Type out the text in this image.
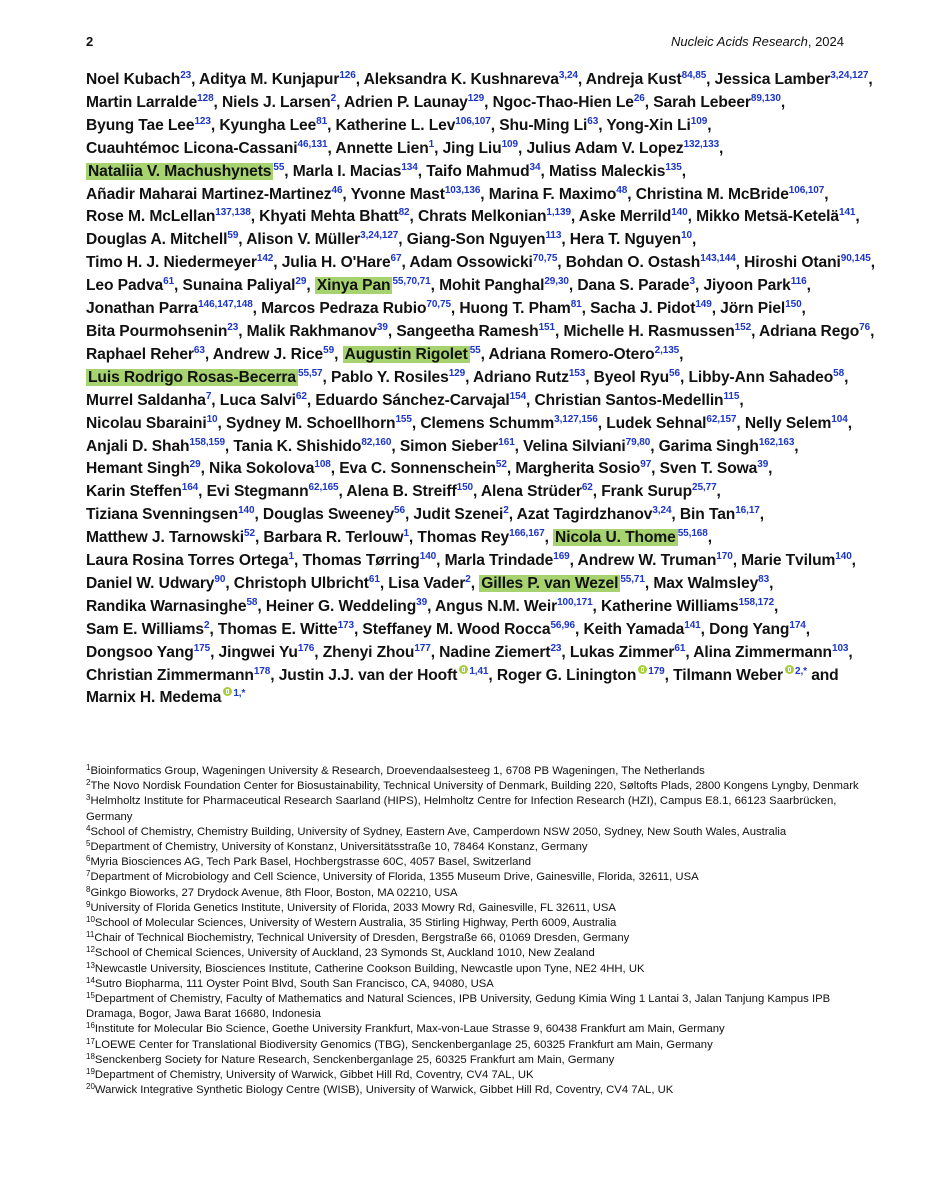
2	Nucleic Acids Research, 2024
Noel Kubach$^{23}$, Aditya M. Kunjapur$^{126}$, Aleksandra K. Kushnareva$^{3,24}$, Andreja Kust$^{84,85}$, Jessica Lamber$^{3,24,127}$, Martin Larralde$^{128}$, Niels J. Larsen$^2$, Adrien P. Launay$^{129}$, Ngoc-Thao-Hien Le$^{26}$, Sarah Lebeer$^{89,130}$, Byung Tae Lee$^{123}$, Kyungha Lee$^{81}$, Katherine L. Lev$^{106,107}$, Shu-Ming Li$^{63}$, Yong-Xin Li$^{109}$, Cuauhtémoc Licona-Cassani$^{46,131}$, Annette Lien$^1$, Jing Liu$^{109}$, Julius Adam V. Lopez$^{132,133}$, Nataliia V. Machushynets $^{55}$, Marla I. Macias$^{134}$, Taifo Mahmud$^{34}$, Matiss Maleckis$^{135}$, Añadir Maharai Martinez-Martinez$^{46}$, Yvonne Mast$^{103,136}$, Marina F. Maximo$^{48}$, Christina M. McBride$^{106,107}$, Rose M. McLellan$^{137,138}$, Khyati Mehta Bhatt$^{82}$, Chrats Melkonian$^{1,139}$, Aske Merrild$^{140}$, Mikko Metsä-Ketelä$^{141}$, Douglas A. Mitchell$^{59}$, Alison V. Müller$^{3,24,127}$, Giang-Son Nguyen$^{113}$, Hera T. Nguyen$^{10}$, Timo H. J. Niedermeyer$^{142}$, Julia H. O'Hare$^{67}$, Adam Ossowicki$^{70,75}$, Bohdan O. Ostash$^{143,144}$, Hiroshi Otani$^{90,145}$, Leo Padva$^{61}$, Sunaina Paliyal$^{29}$, Xinya Pan $^{55,70,71}$, Mohit Panghal$^{29,30}$, Dana S. Parade$^3$, Jiyoon Park$^{116}$, Jonathan Parra$^{146,147,148}$, Marcos Pedraza Rubio$^{70,75}$, Huong T. Pham$^{81}$, Sacha J. Pidot$^{149}$, Jörn Piel$^{150}$, Bita Pourmohsenin$^{23}$, Malik Rakhmanov$^{39}$, Sangeetha Ramesh$^{151}$, Michelle H. Rasmussen$^{152}$, Adriana Rego$^{76}$, Raphael Reher$^{63}$, Andrew J. Rice$^{59}$, Augustin Rigolet $^{55}$, Adriana Romero-Otero$^{2,135}$, Luis Rodrigo Rosas-Becerra $^{55,57}$, Pablo Y. Rosiles$^{129}$, Adriano Rutz$^{153}$, Byeol Ryu$^{56}$, Libby-Ann Sahadeo$^{58}$, Murrel Saldanha$^7$, Luca Salvi$^{62}$, Eduardo Sánchez-Carvajal$^{154}$, Christian Santos-Medellin$^{115}$, Nicolau Sbaraini$^{10}$, Sydney M. Schoellhorn$^{155}$, Clemens Schumm$^{3,127,156}$, Ludek Sehnal$^{62,157}$, Nelly Selem$^{104}$, Anjali D. Shah$^{158,159}$, Tania K. Shishido$^{82,160}$, Simon Sieber$^{161}$, Velina Silviani$^{79,80}$, Garima Singh$^{162,163}$, Hemant Singh$^{29}$, Nika Sokolova$^{108}$, Eva C. Sonnenschein$^{52}$, Margherita Sosio$^{97}$, Sven T. Sowa$^{39}$, Karin Steffen$^{164}$, Evi Stegmann$^{62,165}$, Alena B. Streiff$^{150}$, Alena Strüder$^{62}$, Frank Surup$^{25,77}$, Tiziana Svenningsen$^{140}$, Douglas Sweeney$^{56}$, Judit Szenei$^2$, Azat Tagirdzhanov$^{3,24}$, Bin Tan$^{16,17}$, Matthew J. Tarnowski$^{52}$, Barbara R. Terlouw$^1$, Thomas Rey$^{166,167}$, Nicola U. Thome $^{55,168}$, Laura Rosina Torres Ortega$^1$, Thomas Tørring$^{140}$, Marla Trindade$^{169}$, Andrew W. Truman$^{170}$, Marie Tvilum$^{140}$, Daniel W. Udwary$^{90}$, Christoph Ulbricht$^{61}$, Lisa Vader$^2$, Gilles P. van Wezel $^{55,71}$, Max Walmsley$^{83}$, Randika Warnasinghe$^{58}$, Heiner G. Weddeling$^{39}$, Angus N.M. Weir$^{100,171}$, Katherine Williams$^{158,172}$, Sam E. Williams$^2$, Thomas E. Witte$^{173}$, Steffaney M. Wood Rocca$^{56,96}$, Keith Yamada$^{141}$, Dong Yang$^{174}$, Dongsoo Yang$^{175}$, Jingwei Yu$^{176}$, Zhenyi Zhou$^{177}$, Nadine Ziemert$^{23}$, Lukas Zimmer$^{61}$, Alina Zimmermann$^{103}$, Christian Zimmermann$^{178}$, Justin J.J. van der Hooft $^{1,41}$, Roger G. Linington $^{179}$, Tilmann Weber $^{2,*}$ and Marnix H. Medema $^{1,*}$

$^1$Bioinformatics Group, Wageningen University & Research, Droevendaalsesteeg 1, 6708 PB Wageningen, The Netherlands

$^2$The Novo Nordisk Foundation Center for Biosustainability, Technical University of Denmark, Building 220, Søltofts Plads, 2800 Kongens Lyngby, Denmark

$^3$Helmholtz Institute for Pharmaceutical Research Saarland (HIPS), Helmholtz Centre for Infection Research (HZI), Campus E8.1, 66123 Saarbrücken, Germany

$^4$School of Chemistry, Chemistry Building, University of Sydney, Eastern Ave, Camperdown NSW 2050, Sydney, New South Wales, Australia

$^5$Department of Chemistry, University of Konstanz, Universitätsstraße 10, 78464 Konstanz, Germany

$^6$Myria Biosciences AG, Tech Park Basel, Hochbergstrasse 60C, 4057 Basel, Switzerland

$^7$Department of Microbiology and Cell Science, University of Florida, 1355 Museum Drive, Gainesville, Florida, 32611, USA

$^8$Ginkgo Bioworks, 27 Drydock Avenue, 8th Floor, Boston, MA 02210, USA

$^9$University of Florida Genetics Institute, University of Florida, 2033 Mowry Rd, Gainesville, FL 32611, USA

$^{10}$School of Molecular Sciences, University of Western Australia, 35 Stirling Highway, Perth 6009, Australia

$^{11}$Chair of Technical Biochemistry, Technical University of Dresden, Bergstraße 66, 01069 Dresden, Germany

$^{12}$School of Chemical Sciences, University of Auckland, 23 Symonds St, Auckland 1010, New Zealand

$^{13}$Newcastle University, Biosciences Institute, Catherine Cookson Building, Newcastle upon Tyne, NE2 4HH, UK

$^{14}$Sutro Biopharma, 111 Oyster Point Blvd, South San Francisco, CA, 94080, USA

$^{15}$Department of Chemistry, Faculty of Mathematics and Natural Sciences, IPB University, Gedung Kimia Wing 1 Lantai 3, Jalan Tanjung Kampus IPB Dramaga, Bogor, Jawa Barat 16680, Indonesia

$^{16}$Institute for Molecular Bio Science, Goethe University Frankfurt, Max-von-Laue Strasse 9, 60438 Frankfurt am Main, Germany

$^{17}$LOEWE Center for Translational Biodiversity Genomics (TBG), Senckenberganlage 25, 60325 Frankfurt am Main, Germany

$^{18}$Senckenberg Society for Nature Research, Senckenberganlage 25, 60325 Frankfurt am Main, Germany

$^{19}$Department of Chemistry, University of Warwick, Gibbet Hill Rd, Coventry, CV4 7AL, UK

$^{20}$Warwick Integrative Synthetic Biology Centre (WISB), University of Warwick, Gibbet Hill Rd, Coventry, CV4 7AL, UK
